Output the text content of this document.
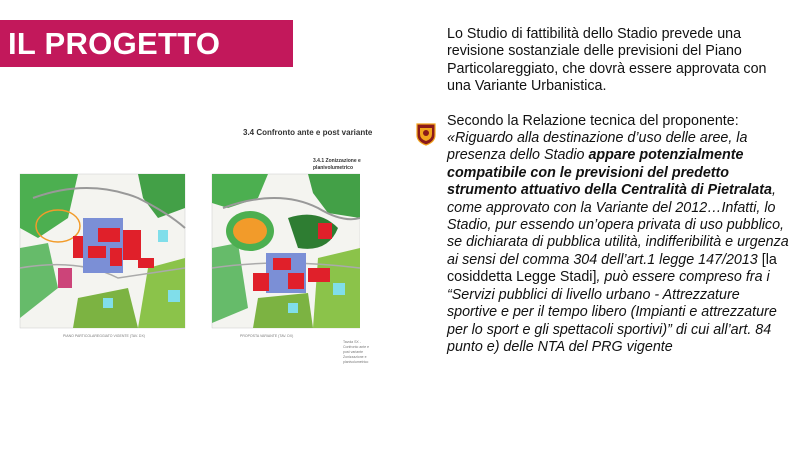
IL PROGETTO
3.4 Confronto ante e post variante
3.4.1 Zonizzazione e planivolumetrico
PIANO PARTICOLAREGGIATO VIGENTE (TAV. DX)	PROPOSTA VARIANTE (TAV. DX)
Tavola SX - Confronto ante e post variante Zonizzazione e planivolumetrico

Lo Studio di fattibilità dello Stadio prevede una revisione sostanziale delle previsioni del Piano Particolareggiato, che dovrà essere approvata con una Variante Urbanistica.

Secondo la Relazione tecnica del proponente:
«Riguardo alla destinazione d’uso delle aree, la presenza dello Stadio appare potenzialmente compatibile con le previsioni del predetto strumento attuativo della Centralità di Pietralata, come approvato con la Variante del 2012…Infatti, lo Stadio, pur essendo un’opera privata di uso pubblico, se dichiarata di pubblica utilità, indifferibilità e urgenza ai sensi del comma 304 dell’art.1 legge 147/2013 [la cosiddetta Legge Stadi], può essere compreso fra i “Servizi pubblici di livello urbano - Attrezzature sportive e per il tempo libero (Impianti e attrezzature per lo sport e gli spettacoli sportivi)” di cui all’art. 84 punto e) delle NTA del PRG vigente
